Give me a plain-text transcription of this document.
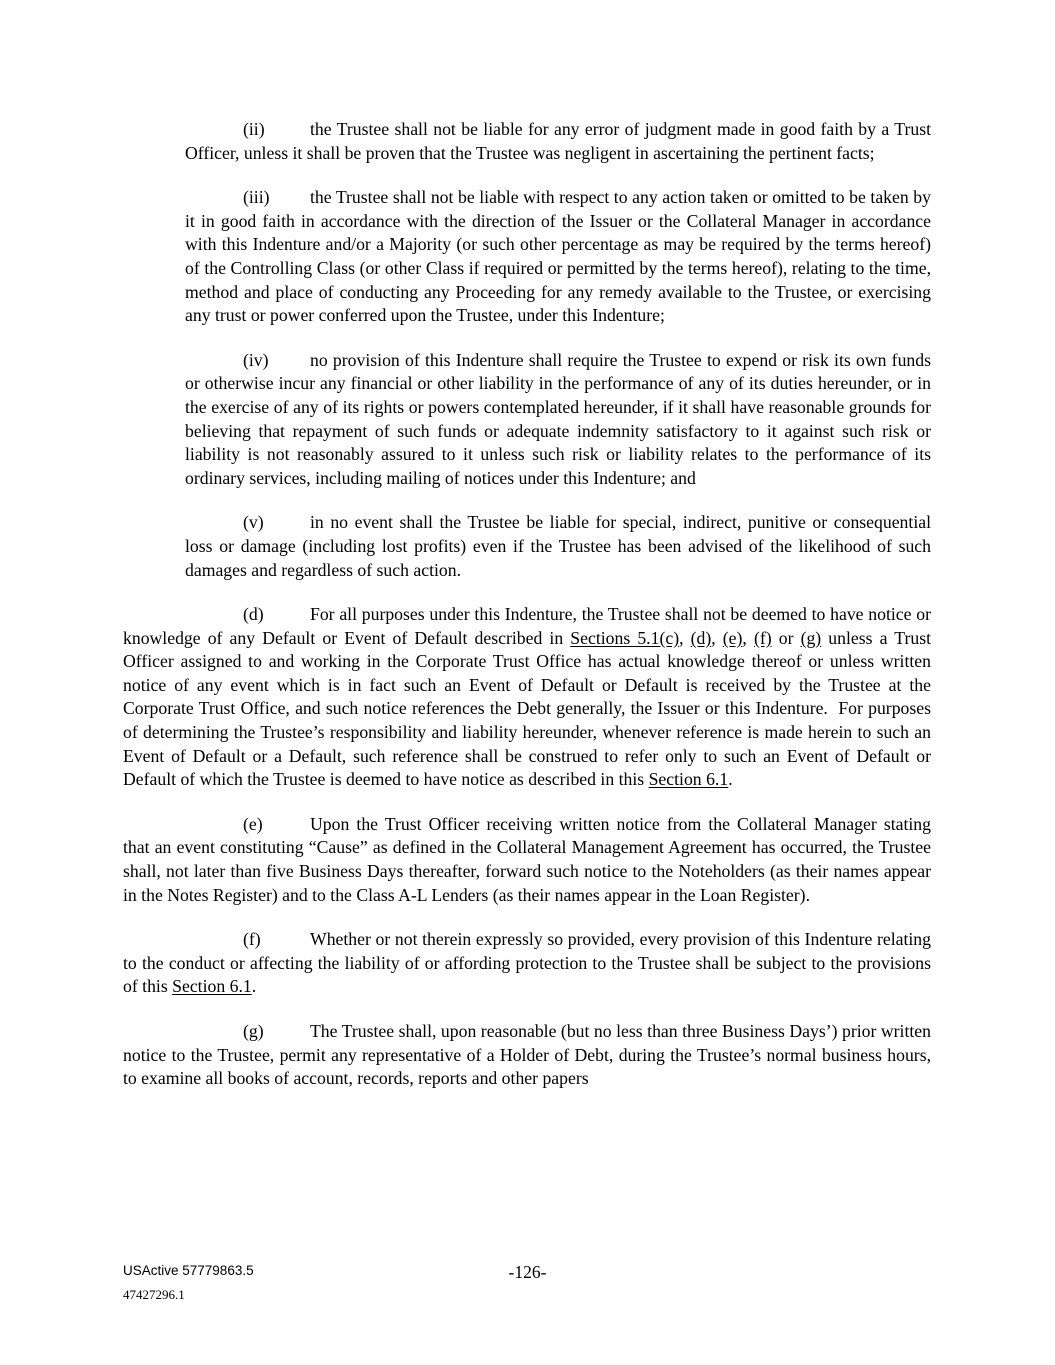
(ii)	the Trustee shall not be liable for any error of judgment made in good faith by a Trust Officer, unless it shall be proven that the Trustee was negligent in ascertaining the pertinent facts;

(iii) the Trustee shall not be liable with respect to any action taken or omitted to be taken by it in good faith in accordance with the direction of the Issuer or the Collateral Manager in accordance with this Indenture and/or a Majority (or such other percentage as may be required by the terms hereof) of the Controlling Class (or other Class if required or permitted by the terms hereof), relating to the time, method and place of conducting any Proceeding for any remedy available to the Trustee, or exercising any trust or power conferred upon the Trustee, under this Indenture;

(iv) no provision of this Indenture shall require the Trustee to expend or risk its own funds or otherwise incur any financial or other liability in the performance of any of its duties hereunder, or in the exercise of any of its rights or powers contemplated hereunder, if it shall have reasonable grounds for believing that repayment of such funds or adequate indemnity satisfactory to it against such risk or liability is not reasonably assured to it unless such risk or liability relates to the performance of its ordinary services, including mailing of notices under this Indenture; and

(v)	in no event shall the Trustee be liable for special, indirect, punitive or consequential loss or damage (including lost profits) even if the Trustee has been advised of the likelihood of such damages and regardless of such action.

(d)	For all purposes under this Indenture, the Trustee shall not be deemed to have notice or knowledge of any Default or Event of Default described in Sections 5.1(c), (d), (e), (f) or (g) unless a Trust Officer assigned to and working in the Corporate Trust Office has actual knowledge thereof or unless written notice of any event which is in fact such an Event of Default or Default is received by the Trustee at the Corporate Trust Office, and such notice references the Debt generally, the Issuer or this Indenture.  For purposes of determining the Trustee’s responsibility and liability hereunder, whenever reference is made herein to such an Event of Default or a Default, such reference shall be construed to refer only to such an Event of Default or Default of which the Trustee is deemed to have notice as described in this Section 6.1.

(e)	Upon the Trust Officer receiving written notice from the Collateral Manager stating that an event constituting “Cause” as defined in the Collateral Management Agreement has occurred, the Trustee shall, not later than five Business Days thereafter, forward such notice to the Noteholders (as their names appear in the Notes Register) and to the Class A-L Lenders (as their names appear in the Loan Register).

(f)	Whether or not therein expressly so provided, every provision of this Indenture relating to the conduct or affecting the liability of or affording protection to the Trustee shall be subject to the provisions of this Section 6.1.

(g)	The Trustee shall, upon reasonable (but no less than three Business Days’) prior written notice to the Trustee, permit any representative of a Holder of Debt, during the Trustee’s normal business hours, to examine all books of account, records, reports and other papers

USActive 57779863.5
47427296.1
-126-
